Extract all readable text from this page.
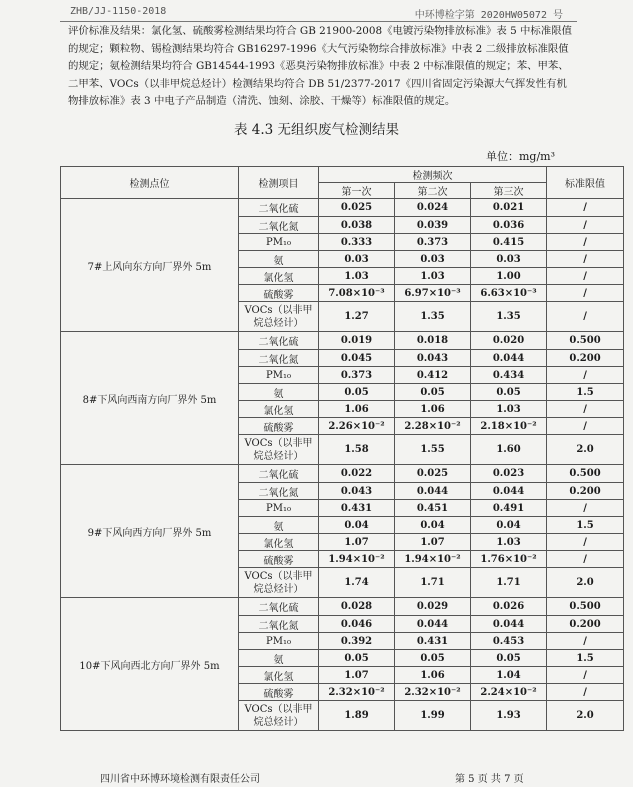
ZHB/JJ-1150-2018	中环博检字第 2020HW05072 号

评价标准及结果：氯化氢、硫酸雾检测结果均符合 GB 21900-2008《电镀污染物排放标准》表 5 中标准限值的规定；颗粒物、锡检测结果均符合 GB16297-1996《大气污染物综合排放标准》中表 2 二级排放标准限值的规定；氨检测结果均符合 GB14544-1993《恶臭污染物排放标准》中表 2 中标准限值的规定；苯、甲苯、二甲苯、VOCs（以非甲烷总烃计）检测结果均符合 DB 51/2377-2017《四川省固定污染源大气挥发性有机物排放标准》表 3 中电子产品制造（清洗、蚀刻、涂胶、干燥等）标准限值的规定。

表 4.3 无组织废气检测结果
单位：mg/m³
检测点位	检测项目	检测频次			标准限值
		第一次	第二次	第三次	
7#上风向东方向厂界外 5m	二氧化硫	0.025	0.024	0.021	/
	二氧化氮	0.038	0.039	0.036	/
	PM₁₀	0.333	0.373	0.415	/
	氨	0.03	0.03	0.03	/
	氯化氢	1.03	1.03	1.00	/
	硫酸雾	7.08×10⁻³	6.97×10⁻³	6.63×10⁻³	/
	VOCs（以非甲烷总烃计）	1.27	1.35	1.35	/
8#下风向西南方向厂界外 5m	二氧化硫	0.019	0.018	0.020	0.500
	二氧化氮	0.045	0.043	0.044	0.200
	PM₁₀	0.373	0.412	0.434	/
	氨	0.05	0.05	0.05	1.5
	氯化氢	1.06	1.06	1.03	/
	硫酸雾	2.26×10⁻²	2.28×10⁻²	2.18×10⁻²	/
	VOCs（以非甲烷总烃计）	1.58	1.55	1.60	2.0
9#下风向西方向厂界外 5m	二氧化硫	0.022	0.025	0.023	0.500
	二氧化氮	0.043	0.044	0.044	0.200
	PM₁₀	0.431	0.451	0.491	/
	氨	0.04	0.04	0.04	1.5
	氯化氢	1.07	1.07	1.03	/
	硫酸雾	1.94×10⁻²	1.94×10⁻²	1.76×10⁻²	/
	VOCs（以非甲烷总烃计）	1.74	1.71	1.71	2.0
10#下风向西北方向厂界外 5m	二氧化硫	0.028	0.029	0.026	0.500
	二氧化氮	0.046	0.044	0.044	0.200
	PM₁₀	0.392	0.431	0.453	/
	氨	0.05	0.05	0.05	1.5
	氯化氢	1.07	1.06	1.04	/
	硫酸雾	2.32×10⁻²	2.32×10⁻²	2.24×10⁻²	/
	VOCs（以非甲烷总烃计）	1.89	1.99	1.93	2.0
四川省中环博环境检测有限责任公司	第 5 页 共 7 页
